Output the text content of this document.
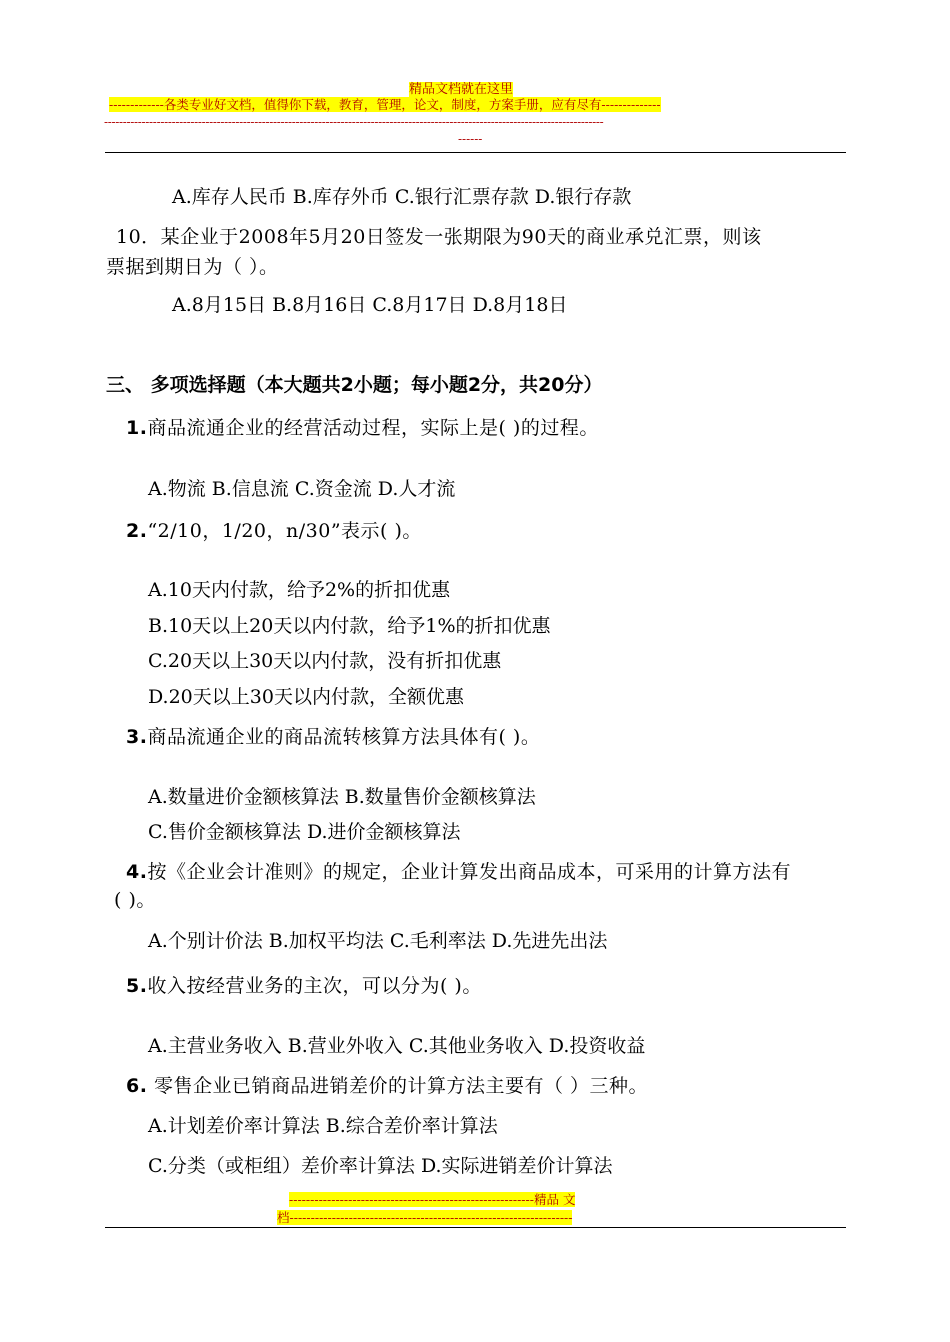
精品文档就在这里
-------------各类专业好文档，值得你下载，教育，管理，论文，制度，方案手册，应有尽有--------------
-------------------------------------------------------------------------------------------------------------------------------------
------
A.库存人民币 B.库存外币 C.银行汇票存款 D.银行存款
10．某企业于2008年5月20日签发一张期限为90天的商业承兑汇票，则该
票据到期日为（ ）。
A.8月15日 B.8月16日 C.8月17日 D.8月18日
三、 多项选择题（本大题共2小题；每小题2分，共20分）
1.商品流通企业的经营活动过程，实际上是( )的过程。
A.物流 B.信息流 C.资金流 D.人才流
2.“2/10，1/20，n/30”表示( )。
A.10天内付款，给予2%的折扣优惠
B.10天以上20天以内付款，给予1%的折扣优惠
C.20天以上30天以内付款，没有折扣优惠
D.20天以上30天以内付款，全额优惠
3.商品流通企业的商品流转核算方法具体有( )。
A.数量进价金额核算法 B.数量售价金额核算法
C.售价金额核算法 D.进价金额核算法
4.按《企业会计准则》的规定，企业计算发出商品成本，可采用的计算方法有
( )。
A.个别计价法 B.加权平均法 C.毛利率法 D.先进先出法
5.收入按经营业务的主次，可以分为( )。
A.主营业务收入 B.营业外收入 C.其他业务收入 D.投资收益
6. 零售企业已销商品进销差价的计算方法主要有（ ）三种。
A.计划差价率计算法 B.综合差价率计算法
C.分类（或柜组）差价率计算法 D.实际进销差价计算法
----------------------------------------------------------精品 文
档-------------------------------------------------------------------
